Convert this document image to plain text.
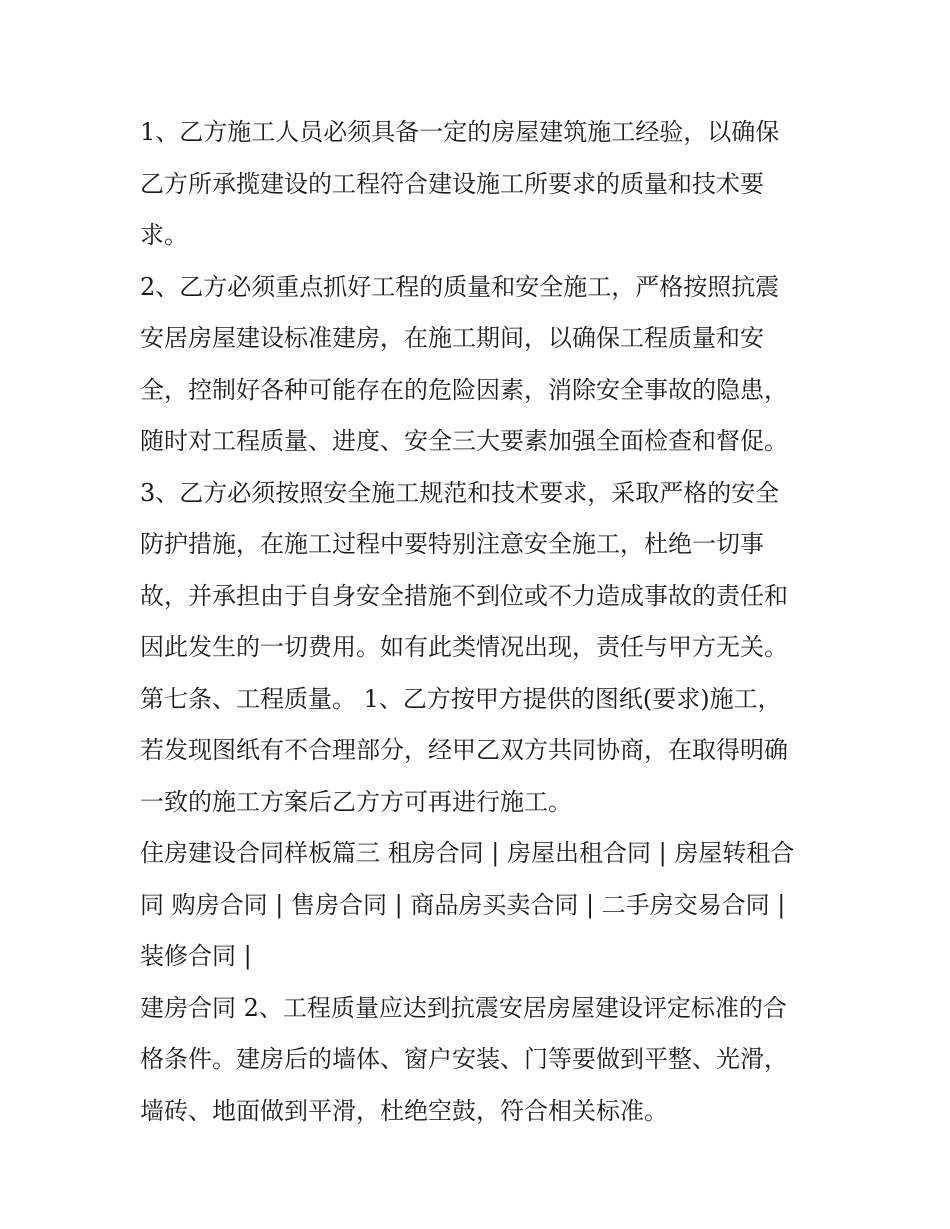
1、乙方施工人员必须具备一定的房屋建筑施工经验，以确保
乙方所承揽建设的工程符合建设施工所要求的质量和技术要
求。
2、乙方必须重点抓好工程的质量和安全施工，严格按照抗震
安居房屋建设标准建房，在施工期间，以确保工程质量和安
全，控制好各种可能存在的危险因素，消除安全事故的隐患，
随时对工程质量、进度、安全三大要素加强全面检查和督促。
3、乙方必须按照安全施工规范和技术要求，采取严格的安全
防护措施，在施工过程中要特别注意安全施工，杜绝一切事
故，并承担由于自身安全措施不到位或不力造成事故的责任和
因此发生的一切费用。如有此类情况出现，责任与甲方无关。
第七条、工程质量。 1、乙方按甲方提供的图纸(要求)施工，
若发现图纸有不合理部分，经甲乙双方共同协商，在取得明确
一致的施工方案后乙方方可再进行施工。
住房建设合同样板篇三 租房合同 | 房屋出租合同 | 房屋转租合
同 购房合同 | 售房合同 | 商品房买卖合同 | 二手房交易合同 |
装修合同 |
建房合同 2、工程质量应达到抗震安居房屋建设评定标准的合
格条件。建房后的墙体、窗户安装、门等要做到平整、光滑，
墙砖、地面做到平滑，杜绝空鼓，符合相关标准。
